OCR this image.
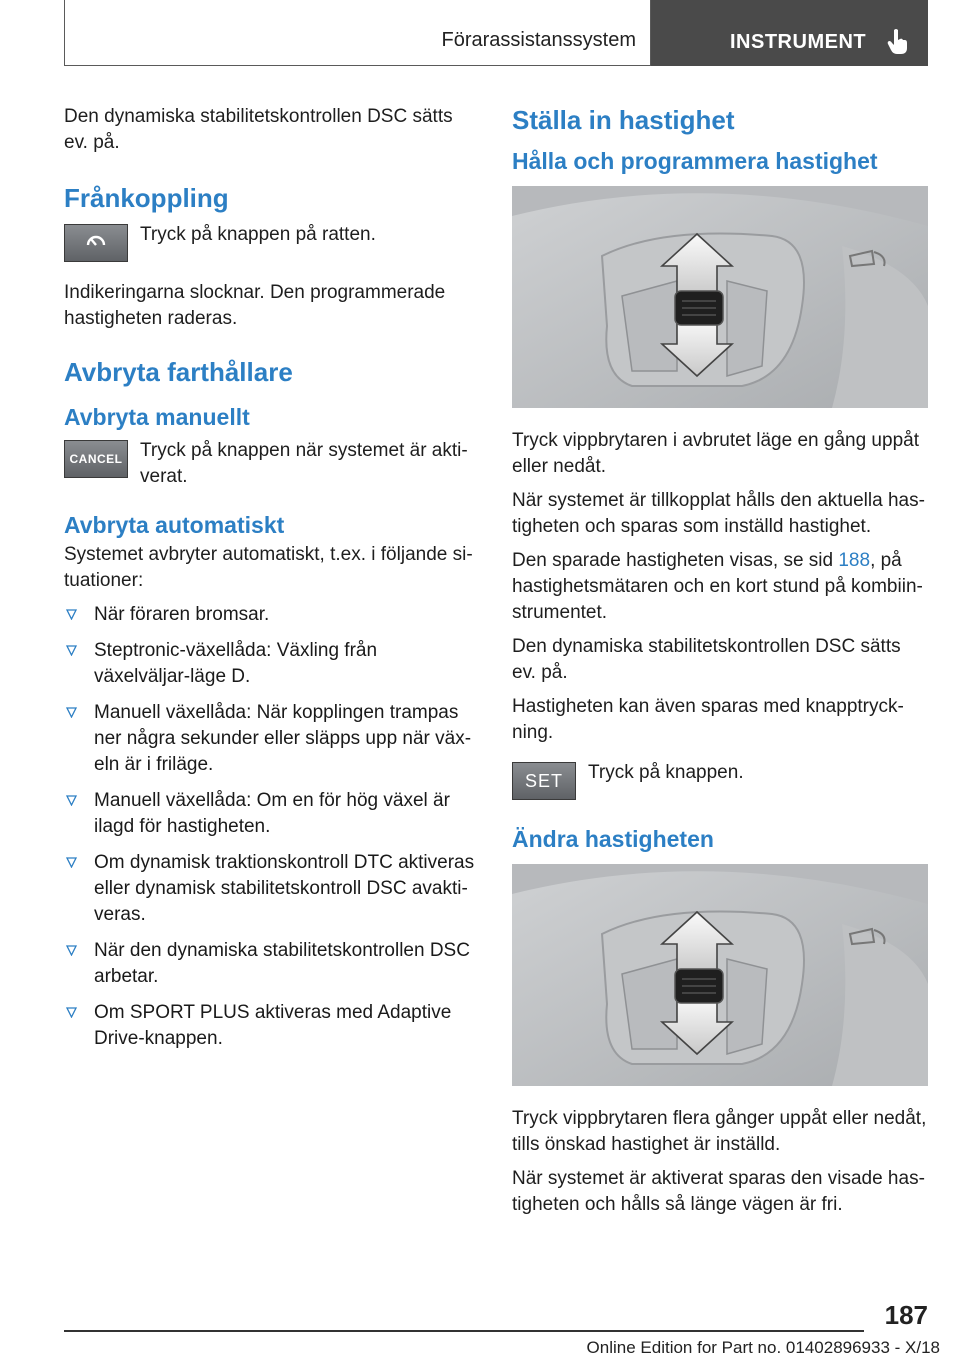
Förarassistanssystem	INSTRUMENT

Den dynamiska stabilitetskontrollen DSC sätts ev. på.

Frånkoppling

Tryck på knappen på ratten.

Indikeringarna slocknar. Den programmerade hastigheten raderas.

Avbryta farthållare
Avbryta manuellt
CANCEL Tryck på knappen när systemet är akti-verat.

Avbryta automatiskt

Systemet avbryter automatiskt, t.ex. i följande si-tuationer:

När föraren bromsar.
Steptronic-växellåda: Växling från växelväljar-läge D.
Manuell växellåda: När kopplingen trampas ner några sekunder eller släpps upp när väx-eln är i friläge.
Manuell växellåda: Om en för hög växel är ilagd för hastigheten.
Om dynamisk traktionskontroll DTC aktiveras eller dynamisk stabilitetskontroll DSC avakti-veras.
När den dynamiska stabilitetskontrollen DSC arbetar.
Om SPORT PLUS aktiveras med Adaptive Drive-knappen.
Ställa in hastighet
Hålla och programmera hastighet

Tryck vippbrytaren i avbrutet läge en gång uppåt eller nedåt.

När systemet är tillkopplat hålls den aktuella has-tigheten och sparas som inställd hastighet.

Den sparade hastigheten visas, se sid 188, på hastighetsmätaren och en kort stund på kombiin-strumentet.

Den dynamiska stabilitetskontrollen DSC sätts ev. på.

Hastigheten kan även sparas med knapptryck-ning.

SET	Tryck på knappen.

Ändra hastigheten

Tryck vippbrytaren flera gånger uppåt eller nedåt, tills önskad hastighet är inställd.

När systemet är aktiverat sparas den visade has-tigheten och hålls så länge vägen är fri.

187
Online Edition for Part no. 01402896933 - X/18
